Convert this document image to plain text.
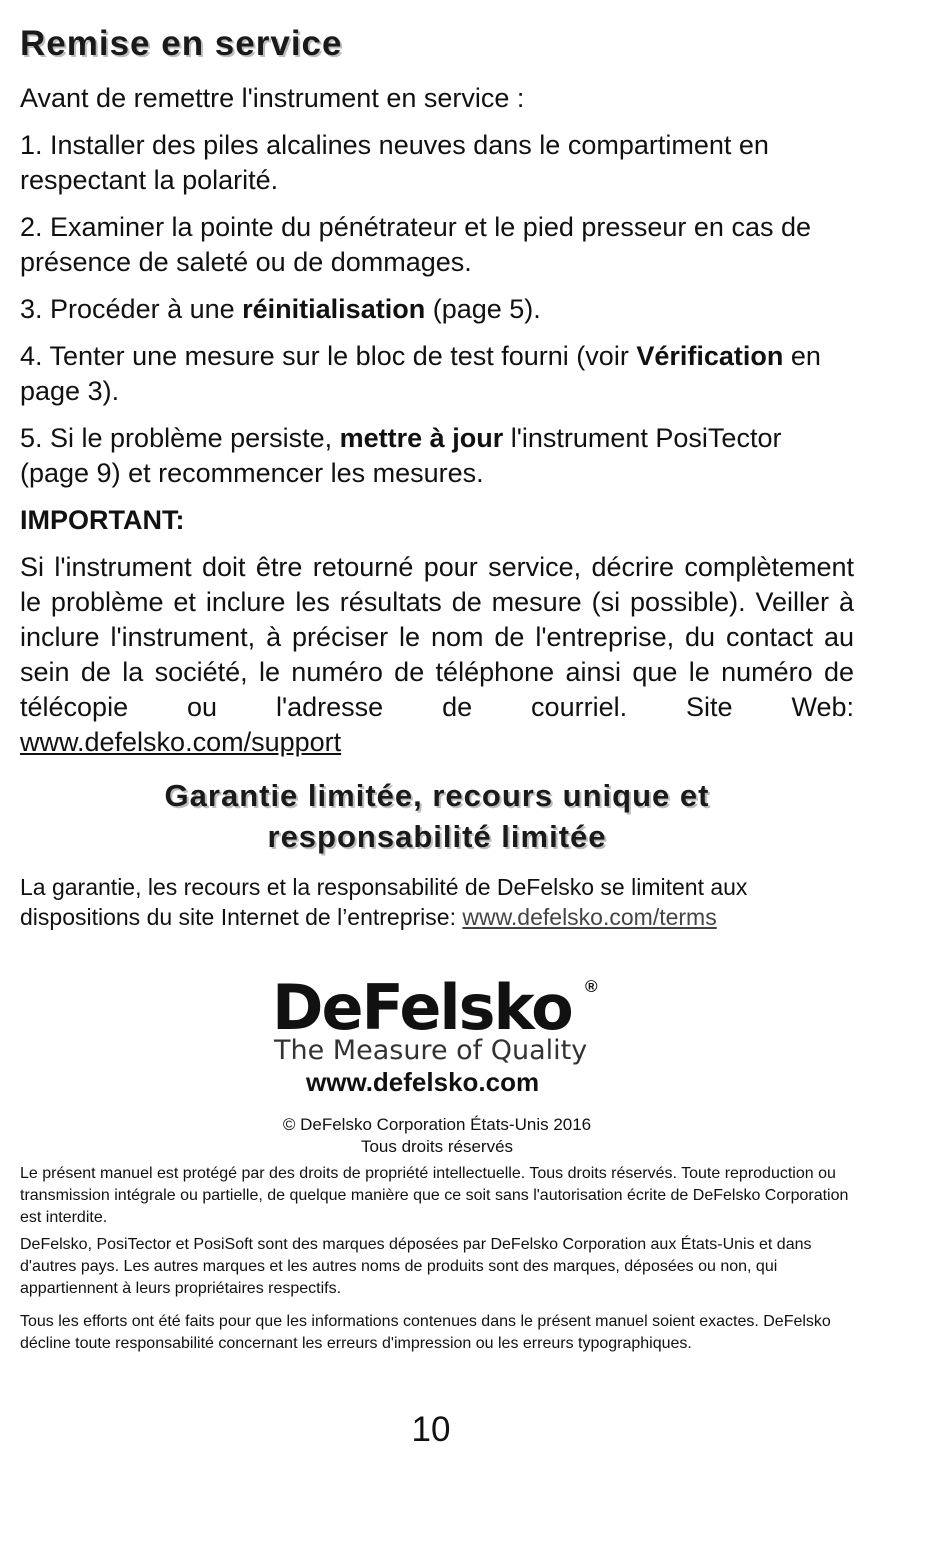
Remise en service

Avant de remettre l'instrument en service :

1. Installer des piles alcalines neuves dans le compartiment en respectant la polarité.

2. Examiner la pointe du pénétrateur et le pied presseur en cas de présence de saleté ou de dommages.

3. Procéder à une réinitialisation (page 5).

4. Tenter une mesure sur le bloc de test fourni (voir Vérification en page 3).

5. Si le problème persiste, mettre à jour l'instrument PosiTector (page 9) et recommencer les mesures.

IMPORTANT:

Si l'instrument doit être retourné pour service, décrire complètement le problème et inclure les résultats de mesure (si possible). Veiller à inclure l'instrument, à préciser le nom de l'entreprise, du contact au sein de la société, le numéro de téléphone ainsi que le numéro de télécopie ou l'adresse de courriel. Site Web: www.defelsko.com/support

Garantie limitée, recours unique et
responsabilité limitée
La garantie, les recours et la responsabilité de DeFelsko se limitent aux dispositions du site Internet de l’entreprise: www.defelsko.com/terms
DeFelsko ®
The Measure of Quality
www.defelsko.com
© DeFelsko Corporation États-Unis 2016
Tous droits réservés

Le présent manuel est protégé par des droits de propriété intellectuelle. Tous droits réservés. Toute reproduction ou transmission intégrale ou partielle, de quelque manière que ce soit sans l'autorisation écrite de DeFelsko Corporation est interdite.

DeFelsko, PosiTector et PosiSoft sont des marques déposées par DeFelsko Corporation aux États-Unis et dans d'autres pays. Les autres marques et les autres noms de produits sont des marques, déposées ou non, qui appartiennent à leurs propriétaires respectifs.

Tous les efforts ont été faits pour que les informations contenues dans le présent manuel soient exactes. DeFelsko décline toute responsabilité concernant les erreurs d'impression ou les erreurs typographiques.

10
